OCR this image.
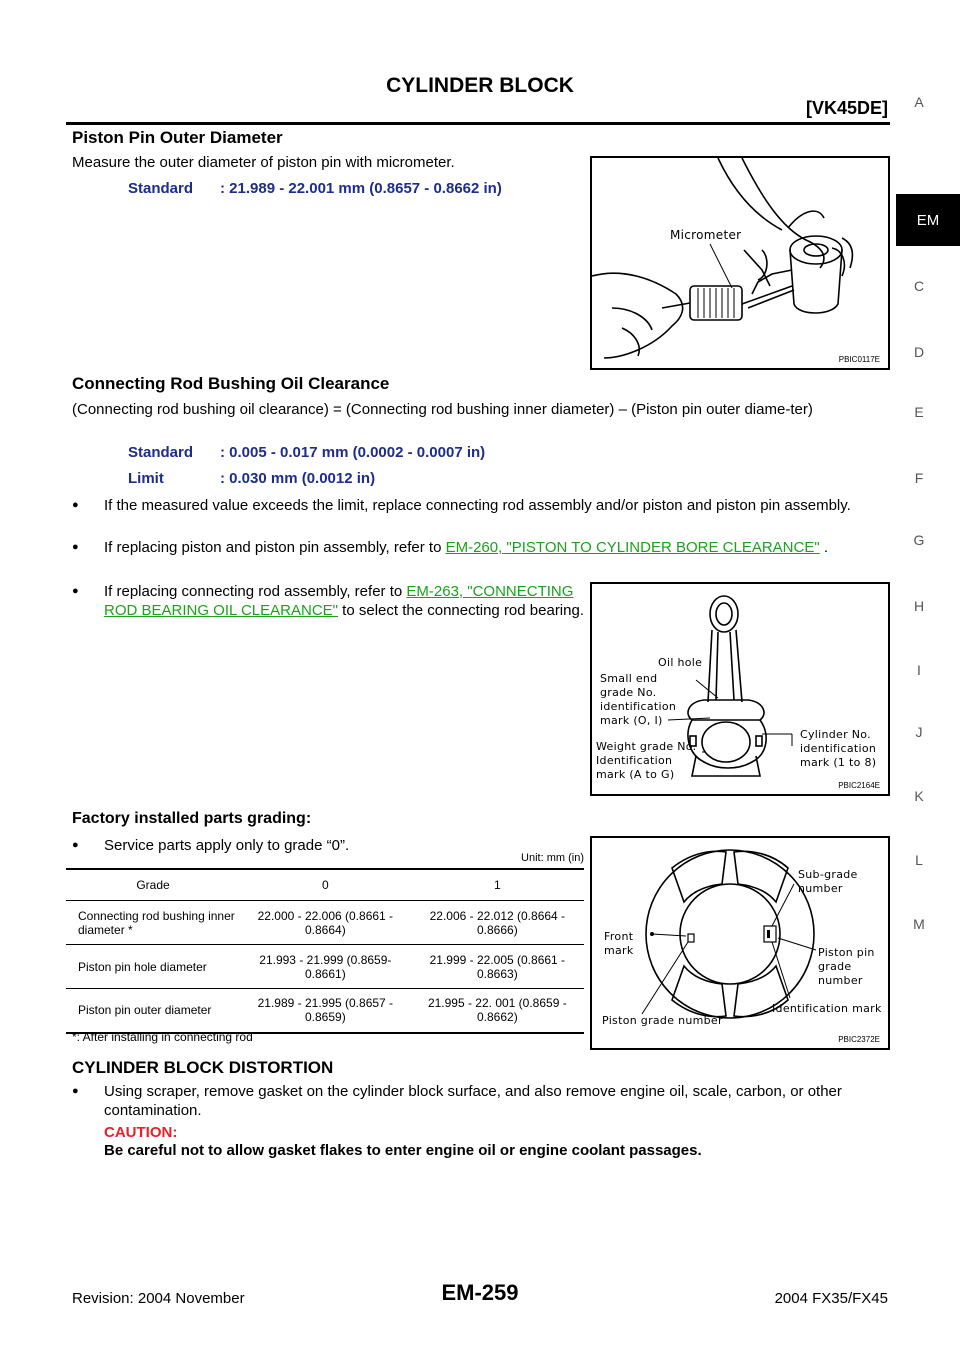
CYLINDER BLOCK
[VK45DE]	A
EM
C
D
E
F
G
H
I
J
K
L
M
Piston Pin Outer Diameter
Measure the outer diameter of piston pin with micrometer.
Standard : 21.989 - 22.001 mm (0.8657 - 0.8662 in)
Micrometer
PBIC0117E
Connecting Rod Bushing Oil Clearance
(Connecting rod bushing oil clearance) = (Connecting rod bushing inner diameter) – (Piston pin outer diame-ter)
Standard : 0.005 - 0.017 mm (0.0002 - 0.0007 in)
Limit	: 0.030 mm (0.0012 in)
● If the measured value exceeds the limit, replace connecting rod assembly and/or piston and piston pin assembly.
● If replacing piston and piston pin assembly, refer to EM-260, "PISTON TO CYLINDER BORE CLEARANCE" .
● If replacing connecting rod assembly, refer to EM-263, "CONNECTING ROD BEARING OIL CLEARANCE" to select the connecting rod bearing.
Oil hole
Small end grade No. identification mark (O, I)
Weight grade No. Identification mark (A to G)
Cylinder No. identification mark (1 to 8)
PBIC2164E
Factory installed parts grading:
● Service parts apply only to grade “0”.
Unit: mm (in)
Grade	0	1
Connecting rod bushing inner diameter *	22.000 - 22.006 (0.8661 - 0.8664)	22.006 - 22.012 (0.8664 - 0.8666)
Piston pin hole diameter	21.993 - 21.999 (0.8659- 0.8661)	21.999 - 22.005 (0.8661 - 0.8663)
Piston pin outer diameter	21.989 - 21.995 (0.8657 - 0.8659)	21.995 - 22. 001 (0.8659 - 0.8662)
*: After installing in connecting rod
Sub-grade number
Front mark	Piston pin grade number
Identification mark
Piston grade number
PBIC2372E
CYLINDER BLOCK DISTORTION
● Using scraper, remove gasket on the cylinder block surface, and also remove engine oil, scale, carbon, or other contamination.
CAUTION:
Be careful not to allow gasket flakes to enter engine oil or engine coolant passages.
Revision: 2004 November	EM-259	2004 FX35/FX45
